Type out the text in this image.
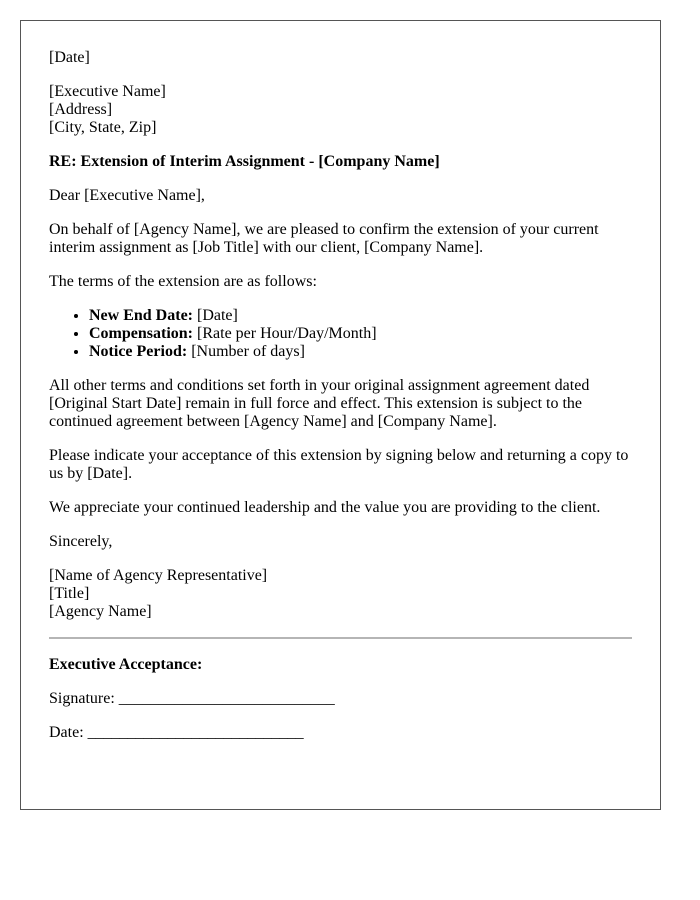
[Date]

[Executive Name]
[Address]
[City, State, Zip]

RE: Extension of Interim Assignment - [Company Name]

Dear [Executive Name],

On behalf of [Agency Name], we are pleased to confirm the extension of your current interim assignment as [Job Title] with our client, [Company Name].

The terms of the extension are as follows:

• New End Date: [Date]
• Compensation: [Rate per Hour/Day/Month]
• Notice Period: [Number of days]

All other terms and conditions set forth in your original assignment agreement dated [Original Start Date] remain in full force and effect. This extension is subject to the continued agreement between [Agency Name] and [Company Name].

Please indicate your acceptance of this extension by signing below and returning a copy to us by [Date].

We appreciate your continued leadership and the value you are providing to the client.

Sincerely,

[Name of Agency Representative]
[Title]
[Agency Name]

Executive Acceptance:

Signature: ___________________________

Date: ___________________________
